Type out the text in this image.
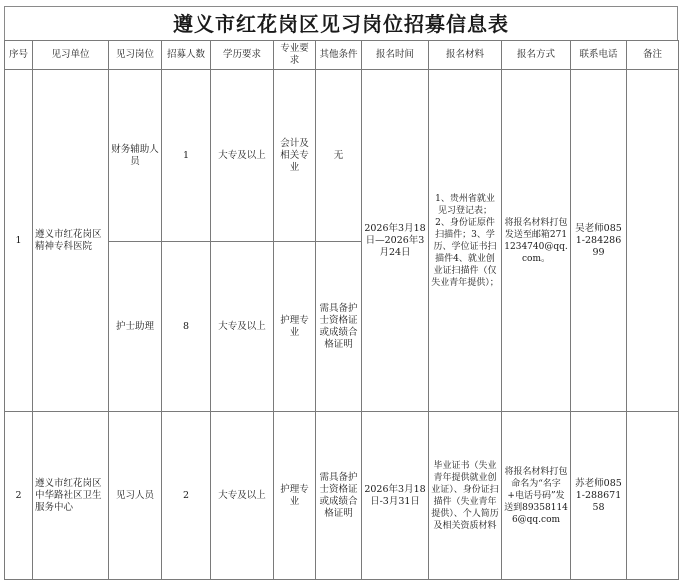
遵义市红花岗区见习岗位招募信息表
序号	见习单位	见习岗位	招募人数	学历要求	专业要求	其他条件	报名时间	报名材料	报名方式	联系电话	备注
1	遵义市红花岗区精神专科医院	财务辅助人员	1	大专及以上	会计及相关专业	无	2026年3月18日—2026年3月24日	1、贵州省就业见习登记表；2、身份证原件扫描件；3、学历、学位证书扫描件4、就业创业证扫描件（仅失业青年提供）；	将报名材料打包发送至邮箱2711234740@qq.com。	吴老师0851-28428699	
		护士助理	8	大专及以上	护理专业	需具备护士资格证或成绩合格证明					
2	遵义市红花岗区中华路社区卫生服务中心	见习人员	2	大专及以上	护理专业	需具备护士资格证或成绩合格证明	2026年3月18日-3月31日	毕业证书（失业青年提供就业创业证）、身份证扫描件（失业青年提供）、个人简历及相关资质材料	将报名材料打包命名为“名字+电话号码”发送到893581146@qq.com	苏老师0851-28867158	
